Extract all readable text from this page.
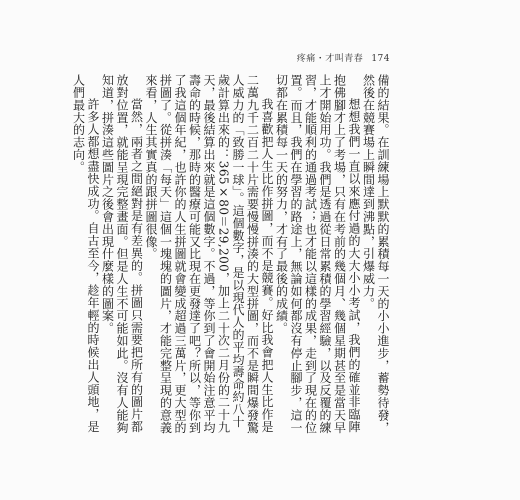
疼痛・才叫青春 174

備的結果。在訓練場上默默的累積每一天的小小進步，蓄勢待發，然後在競賽場上瞬間達到沸點，引爆威力。

想想我們一直以來應付過的大大小小考試，我們的確並非臨陣抱佛腳才上了考場，只有在考前的幾個月、幾個星期甚至是當天早上才開始用功。我們是透過從日常累積的學習經驗，以及反覆的練習，才能順利的通過考試；也才能以這樣的成果，走到了現在的位置。而且，我們在學習的路途上，無論如何都沒有停止腳步，這一切都在累積每一天的努力，才有了最後的成績。

我喜歡把人生比作拼圖，而不是競賽。好比我會把人生比作是二萬九千二百二十片需要慢慢拼湊的大型拼圖，而不是瞬間爆發驚人威力的「致勝一球」。這個數字，是以現代人的平均壽命約八十歲計算出來的：365×80＝29,200，加上二十次二月份的二十九天，最後結算出來就是這個數字。不過，等你到了會開始注意平均壽命的時候，那時的醫療可能又比現在更發達了吧？所以，等你到了我這個年紀，也許你的人生拼圖就會變成超過三萬片，更大型的拼圖了。從拼湊「每天」這個一塊塊的圖片，才能完整呈現的意義來看，人生其實真的跟拼圖很像。

當然，兩者之間絕對是有差異的。拼圖只需要把所有的圖片都放對位置，就能呈現完整畫面。但是人生不可能如此。沒有人能夠知道，拼湊這些圖片之後會出現什麼樣的圖案。

許多人都想盡快成功。自古至今，趁年輕的時候出人頭地，是人們最大的志向。
